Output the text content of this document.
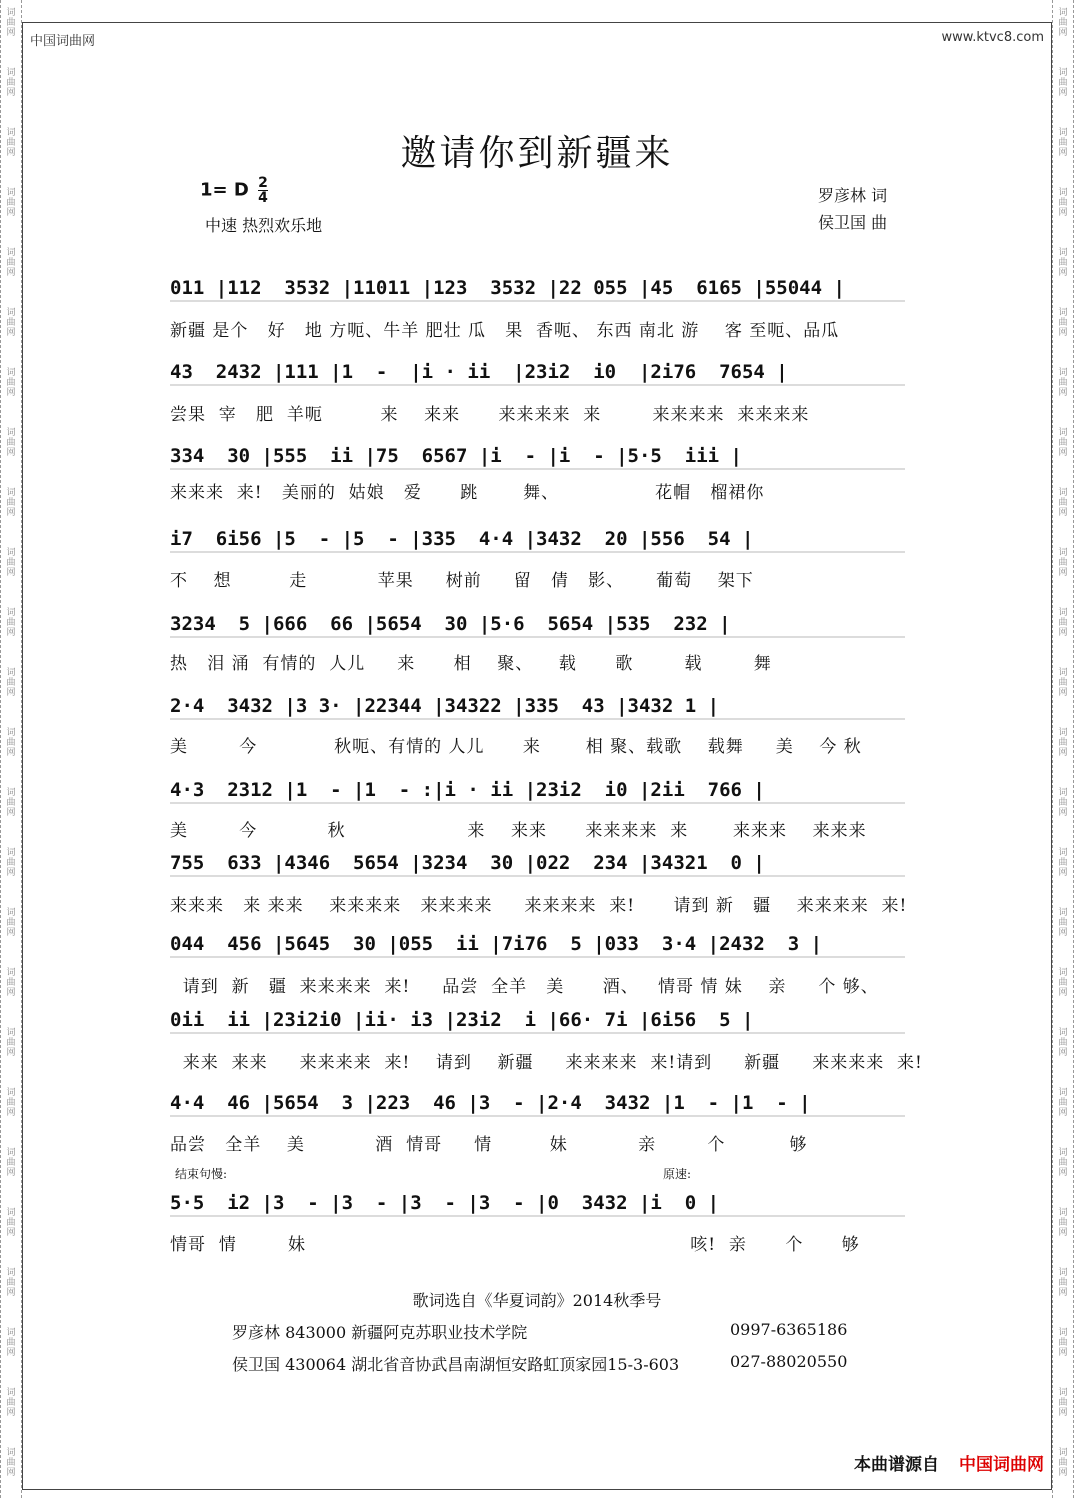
词
曲
网
词
曲
网
词
曲
网
词
曲
网
词
曲
网
词
曲
网
词
曲
网
词
曲
网
词
曲
网
词
曲
网
词
曲
网
词
曲
网
词
曲
网
词
曲
网
词
曲
网
词
曲
网
词
曲
网
词
曲
网
词
曲
网
词
曲
网
词
曲
网
词
曲
网
词
曲
网
词
曲
网
词
曲
网
词
曲
网
词
曲
网
词
曲
网
词
曲
网
词
曲
网
词
曲
网
词
曲
网
词
曲
网
词
曲
网
词
曲
网
词
曲
网
词
曲
网
词
曲
网
词
曲
网
词
曲
网
词
曲
网
词
曲
网
词
曲
网
词
曲
网
词
曲
网
词
曲
网
词
曲
网
词
曲
网
词
曲
网
词
曲
网
中国词曲网	www.ktvc8.com
邀请你到新疆来
1= D $\frac{2}{4}$
中速 热烈欢乐地
罗彦林 词
侯卫国 曲
011 |112  3532 |11011 |123  3532 |22 055 |45  6165 |55044 |
新疆 是个   好   地 方呃、牛羊 肥壮 瓜   果  香呃、 东西 南北 游    客 至呃、品瓜
43  2432 |111 |1  -  |i · ii  |23i2  i0  |2i76  7654 |
尝果  宰   肥  羊呃         来    来来      来来来来  来        来来来来  来来来来
334  30 |555  ii |75  6567 |i  - |i  - |5·5  iii |
来来来  来!   美丽的  姑娘   爱      跳       舞、               花帽   榴裙你
i7  6i56 |5  - |5  - |335  4·4 |3432  20 |556  54 |
不    想         走           苹果     树前     留   倩   影、     葡萄    架下
3234  5 |666  66 |5654  30 |5·6  5654 |535  232 |
热   泪 涌  有情的  人儿     来      相    聚、    载      歌        载        舞
2·4  3432 |3 3· |22344 |34322 |335  43 |3432 1 |
美        今            秋呃、有情的 人儿      来       相 聚、载歌    载舞     美    今 秋
4·3  2312 |1  - |1  - :|i · ii |23i2  i0 |2ii  766 |
美        今           秋                   来    来来      来来来来  来       来来来    来来来
755  633 |4346  5654 |3234  30 |022  234 |34321  0 |
来来来   来 来来    来来来来   来来来来     来来来来  来!      请到 新   疆    来来来来  来!
044  456 |5645  30 |055  ii |7i76  5 |033  3·4 |2432  3 |
请到  新   疆  来来来来  来!     品尝  全羊   美      酒、   情哥 情 妹    亲     个 够、
0ii  ii |23i2i0 |ii· i3 |23i2  i |66· 7i |6i56  5 |
来来  来来     来来来来  来!    请到    新疆     来来来来  来!请到     新疆     来来来来  来!
4·4  46 |5654  3 |223  46 |3  - |2·4  3432 |1  - |1  - |
品尝   全羊    美           酒  情哥     情         妹           亲        个          够
5·5  i2 |3  - |3  - |3  - |3  - |0  3432 |i  0 |
情哥  情        妹                                                            咳!  亲      个      够
结束句慢:	原速:
歌词选自《华夏词韵》2014秋季号
罗彦林 843000 新疆阿克苏职业技术学院	0997-6365186
侯卫国 430064 湖北省音协武昌南湖恒安路虹顶家园15-3-603	027-88020550
本曲谱源自 中国词曲网
